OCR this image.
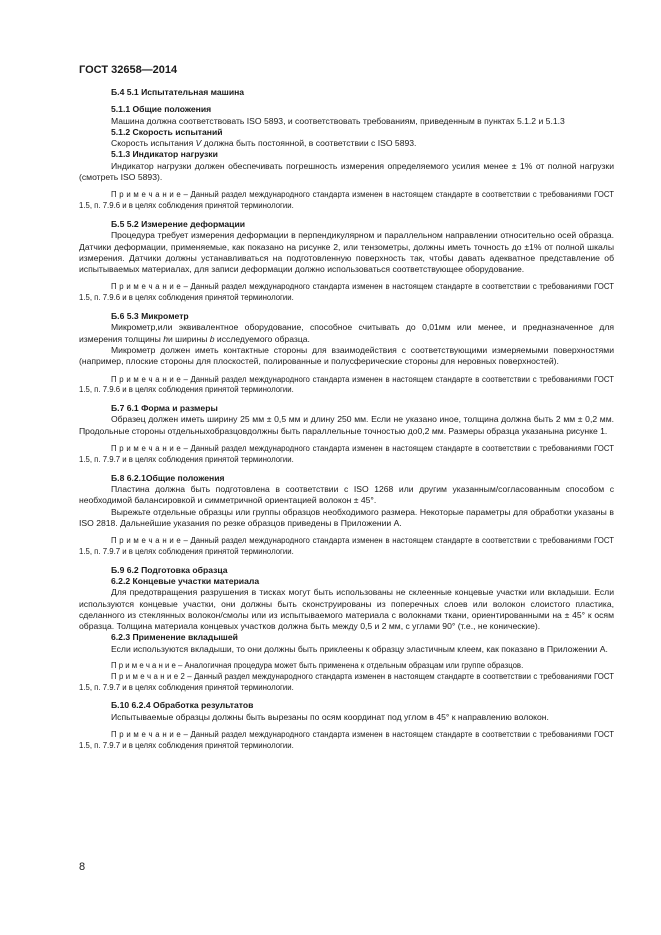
ГОСТ 32658—2014

Б.4 5.1 Испытательная машина

5.1.1 Общие положения

Машина должна соответствовать ISO 5893, и соответствовать требованиям, приведенным в пунктах 5.1.2 и 5.1.3

5.1.2 Скорость испытаний

Скорость испытания V должна быть постоянной, в соответствии с ISO 5893.

5.1.3 Индикатор нагрузки

Индикатор нагрузки должен обеспечивать погрешность измерения определяемого усилия менее ± 1% от полной нагрузки (смотреть ISO 5893).

П р и м е ч а н и е – Данный раздел международного стандарта изменен в настоящем стандарте в соответствии с требованиями ГОСТ 1.5, п. 7.9.6 и в целях соблюдения принятой терминологии.

Б.5 5.2 Измерение деформации

Процедура требует измерения деформации в перпендикулярном и параллельном направлении относительно осей образца. Датчики деформации, применяемые, как показано на рисунке 2, или тензометры, должны иметь точность до ±1% от полной шкалы измерения. Датчики должны устанавливаться на подготовленную поверхность так, чтобы давать адекватное представление об испытываемых материалах, для записи деформации должно использоваться соответствующее оборудование.

П р и м е ч а н и е – Данный раздел международного стандарта изменен в настоящем стандарте в соответствии с требованиями ГОСТ 1.5, п. 7.9.6 и в целях соблюдения принятой терминологии.

Б.6 5.3 Микрометр

Микрометр,или эквивалентное оборудование, способное считывать до 0,01мм или менее, и предназначенное для измерения толщины hи ширины b исследуемого образца.

Микрометр должен иметь контактные стороны для взаимодействия с соответствующими измеряемыми поверхностями (например, плоские стороны для плоскостей, полированные и полусферические стороны для неровных поверхностей).

П р и м е ч а н и е – Данный раздел международного стандарта изменен в настоящем стандарте в соответствии с требованиями ГОСТ 1.5, п. 7.9.6 и в целях соблюдения принятой терминологии.

Б.7 6.1 Форма и размеры

Образец должен иметь ширину 25 мм ± 0,5 мм и длину 250 мм. Если не указано иное, толщина должна быть 2 мм ± 0,2 мм. Продольные стороны отдельныхобразцовдолжны быть параллельные точностью до0,2 мм. Размеры образца указанына рисунке 1.

П р и м е ч а н и е – Данный раздел международного стандарта изменен в настоящем стандарте в соответствии с требованиями ГОСТ 1.5, п. 7.9.7 и в целях соблюдения принятой терминологии.

Б.8 6.2.1Общие положения

Пластина должна быть подготовлена в соответствии с ISO 1268 или другим указанным/согласованным способом с необходимой балансировкой и симметричной ориентацией волокон ± 45°.

Вырежьте отдельные образцы или группы образцов необходимого размера. Некоторые параметры для обработки указаны в ISO 2818. Дальнейшие указания по резке образцов приведены в Приложении А.

П р и м е ч а н и е – Данный раздел международного стандарта изменен в настоящем стандарте в соответствии с требованиями ГОСТ 1.5, п. 7.9.7 и в целях соблюдения принятой терминологии.

Б.9 6.2 Подготовка образца

6.2.2 Концевые участки материала

Для предотвращения разрушения в тисках могут быть использованы не склеенные концевые участки или вкладыши. Если используются концевые участки, они должны быть сконструированы из поперечных слоев или волокон слоистого пластика, сделанного из стеклянных волокон/смолы или из испытываемого материала с волокнами ткани, ориентированными на ± 45° к осям образца. Толщина материала концевых участков должна быть между 0,5 и 2 мм, с углами 90° (т.е., не конические).

6.2.3 Применение вкладышей

Если используются вкладыши, то они должны быть приклеены к образцу эластичным клеем, как показано в Приложении А.

П р и м е ч а н и е – Аналогичная процедура может быть применена к отдельным образцам или группе образцов.

П р и м е ч а н и е 2 – Данный раздел международного стандарта изменен в настоящем стандарте в соответствии с требованиями ГОСТ 1.5, п. 7.9.7 и в целях соблюдения принятой терминологии.

Б.10 6.2.4 Обработка результатов

Испытываемые образцы должны быть вырезаны по осям координат под углом в 45° к направлению волокон.

П р и м е ч а н и е – Данный раздел международного стандарта изменен в настоящем стандарте в соответствии с требованиями ГОСТ 1.5, п. 7.9.7 и в целях соблюдения принятой терминологии.

8
